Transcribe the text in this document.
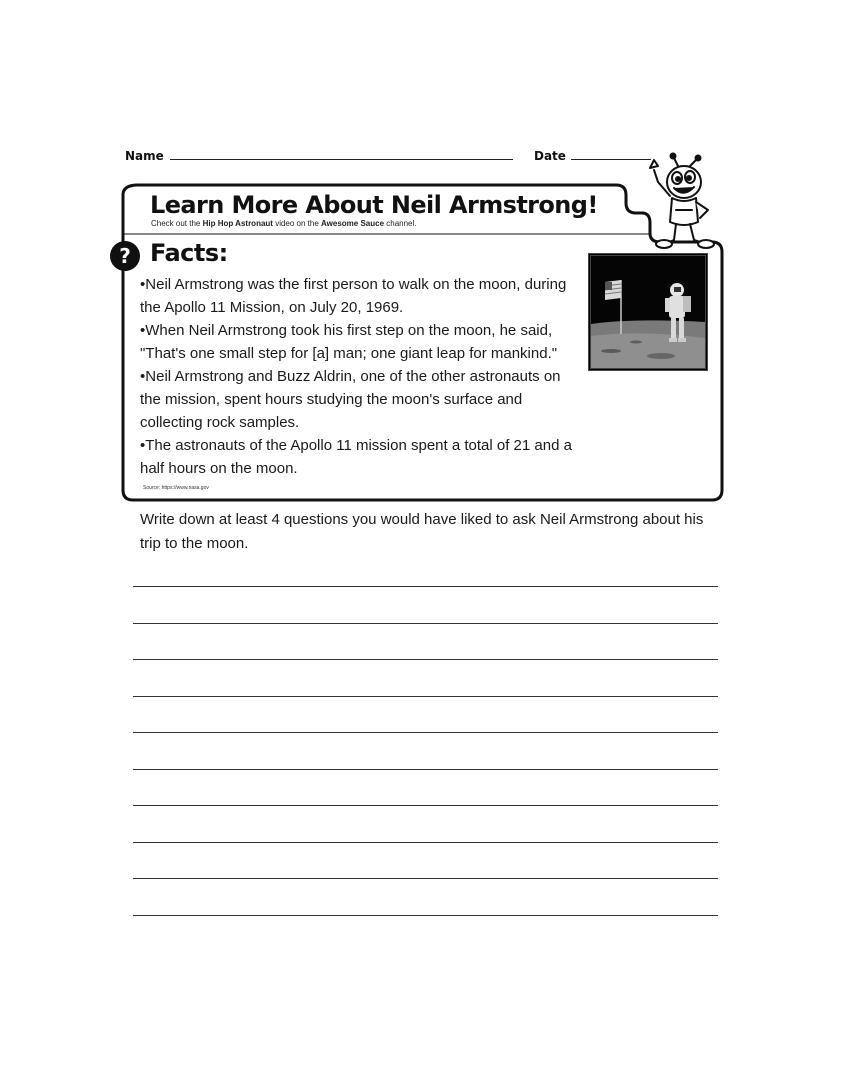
Name	Date
Learn More About Neil Armstrong!
Check out the Hip Hop Astronaut video on the Awesome Sauce channel.
? Facts:
• Neil Armstrong was the first person to walk on the moon, during the Apollo 11 Mission, on July 20, 1969.
• When Neil Armstrong took his first step on the moon, he said, "That's one small step for [a] man; one giant leap for mankind."
• Neil Armstrong and Buzz Aldrin, one of the other astronauts on the mission, spent hours studying the moon's surface and collecting rock samples.
• The astronauts of the Apollo 11 mission spent a total of 21 and a half hours on the moon.
Source: https://www.nasa.gov
Write down at least 4 questions you would have liked to ask Neil Armstrong about his trip to the moon.
